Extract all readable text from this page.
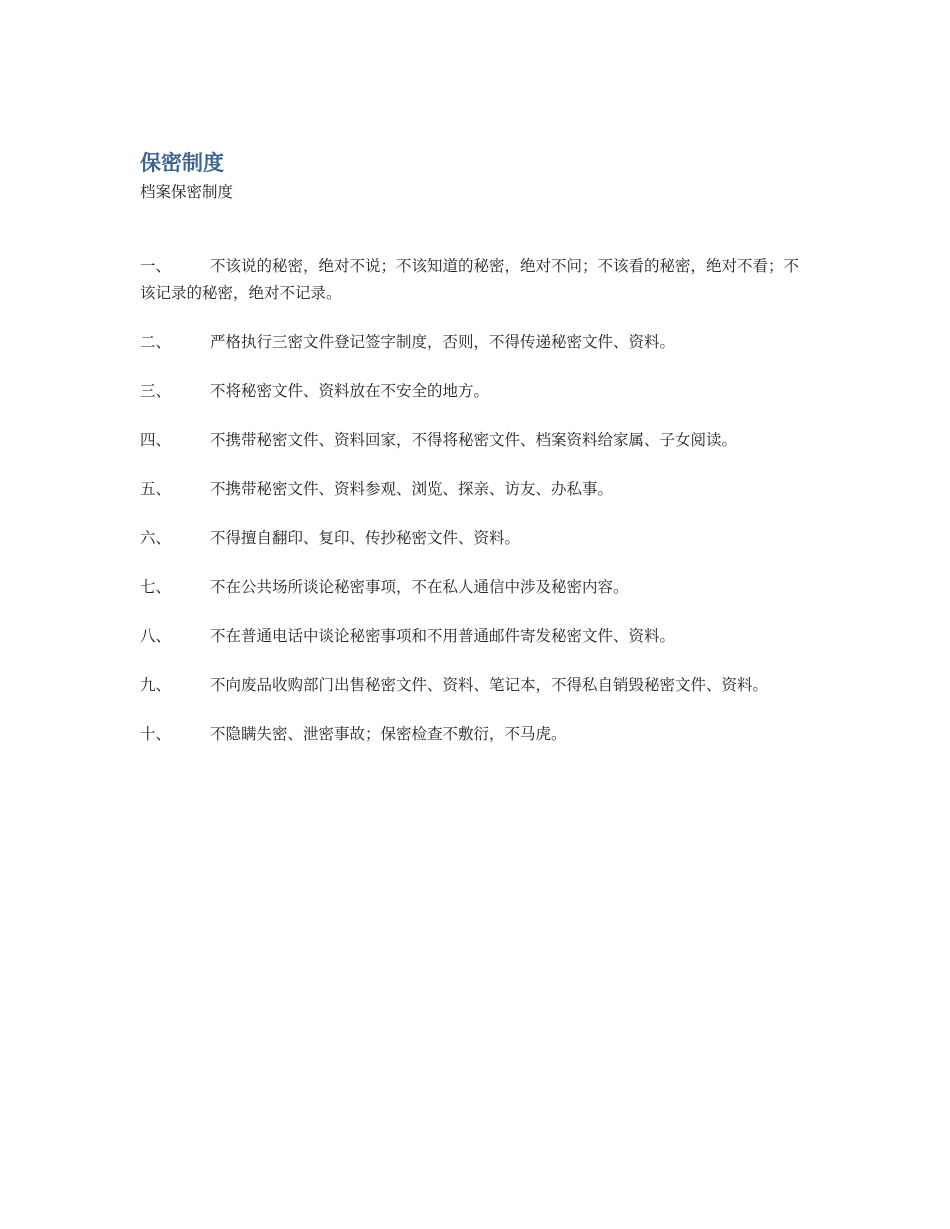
保密制度
档案保密制度
一、	不该说的秘密，绝对不说；不该知道的秘密，绝对不问；不该看的秘密，绝对不看；不该记录的秘密，绝对不记录。
二、	严格执行三密文件登记签字制度，否则，不得传递秘密文件、资料。
三、	不将秘密文件、资料放在不安全的地方。
四、	不携带秘密文件、资料回家，不得将秘密文件、档案资料给家属、子女阅读。
五、	不携带秘密文件、资料参观、浏览、探亲、访友、办私事。
六、	不得擅自翻印、复印、传抄秘密文件、资料。
七、	不在公共场所谈论秘密事项，不在私人通信中涉及秘密内容。
八、	不在普通电话中谈论秘密事项和不用普通邮件寄发秘密文件、资料。
九、	不向废品收购部门出售秘密文件、资料、笔记本，不得私自销毁秘密文件、资料。
十、	不隐瞒失密、泄密事故；保密检查不敷衍，不马虎。
